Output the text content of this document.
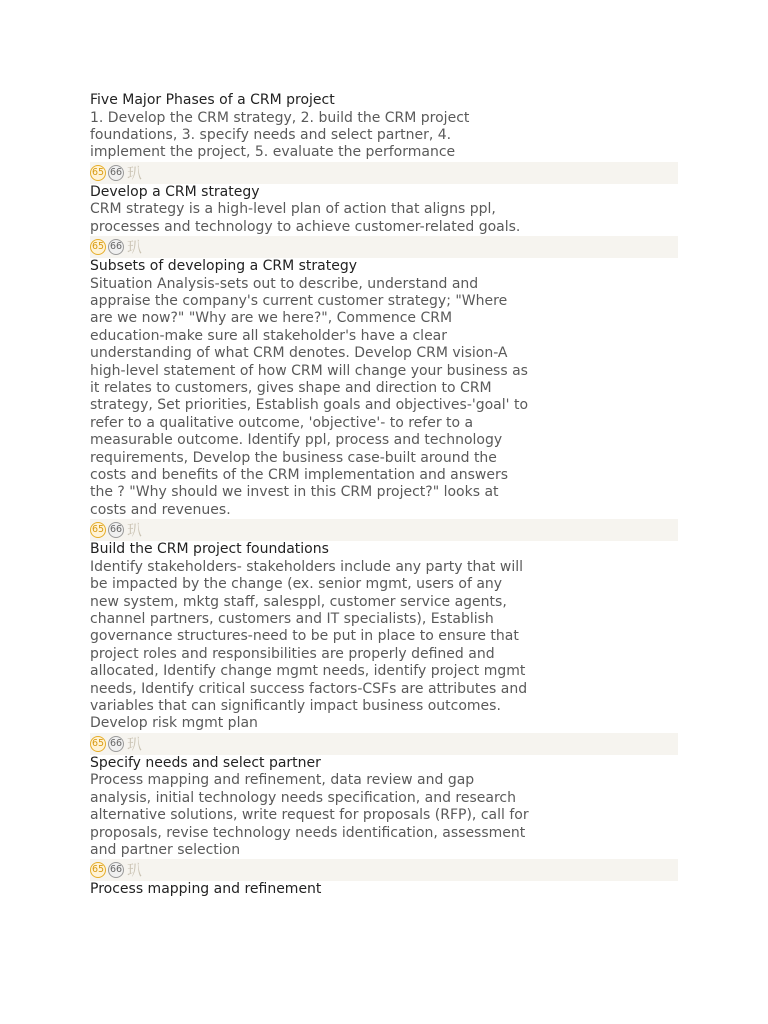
Five Major Phases of a CRM project

1. Develop the CRM strategy, 2. build the CRM project foundations, 3. specify needs and select partner, 4. implement the project, 5. evaluate the performance

65 66 玐

Develop a CRM strategy

CRM strategy is a high-level plan of action that aligns ppl, processes and technology to achieve customer-related goals.

65 66 玐

Subsets of developing a CRM strategy

Situation Analysis-sets out to describe, understand and appraise the company's current customer strategy; "Where are we now?" "Why are we here?", Commence CRM education-make sure all stakeholder's have a clear understanding of what CRM denotes. Develop CRM vision-A high-level statement of how CRM will change your business as it relates to customers, gives shape and direction to CRM strategy, Set priorities, Establish goals and objectives-'goal' to refer to a qualitative outcome, 'objective'- to refer to a measurable outcome. Identify ppl, process and technology requirements, Develop the business case-built around the costs and benefits of the CRM implementation and answers the ? "Why should we invest in this CRM project?" looks at costs and revenues.

65 66 玐

Build the CRM project foundations

Identify stakeholders- stakeholders include any party that will be impacted by the change (ex. senior mgmt, users of any new system, mktg staff, salesppl, customer service agents, channel partners, customers and IT specialists), Establish governance structures-need to be put in place to ensure that project roles and responsibilities are properly defined and allocated, Identify change mgmt needs, identify project mgmt needs, Identify critical success factors-CSFs are attributes and variables that can significantly impact business outcomes. Develop risk mgmt plan

65 66 玐

Specify needs and select partner

Process mapping and refinement, data review and gap analysis, initial technology needs specification, and research alternative solutions, write request for proposals (RFP), call for proposals, revise technology needs identification, assessment and partner selection

65 66 玐

Process mapping and refinement
